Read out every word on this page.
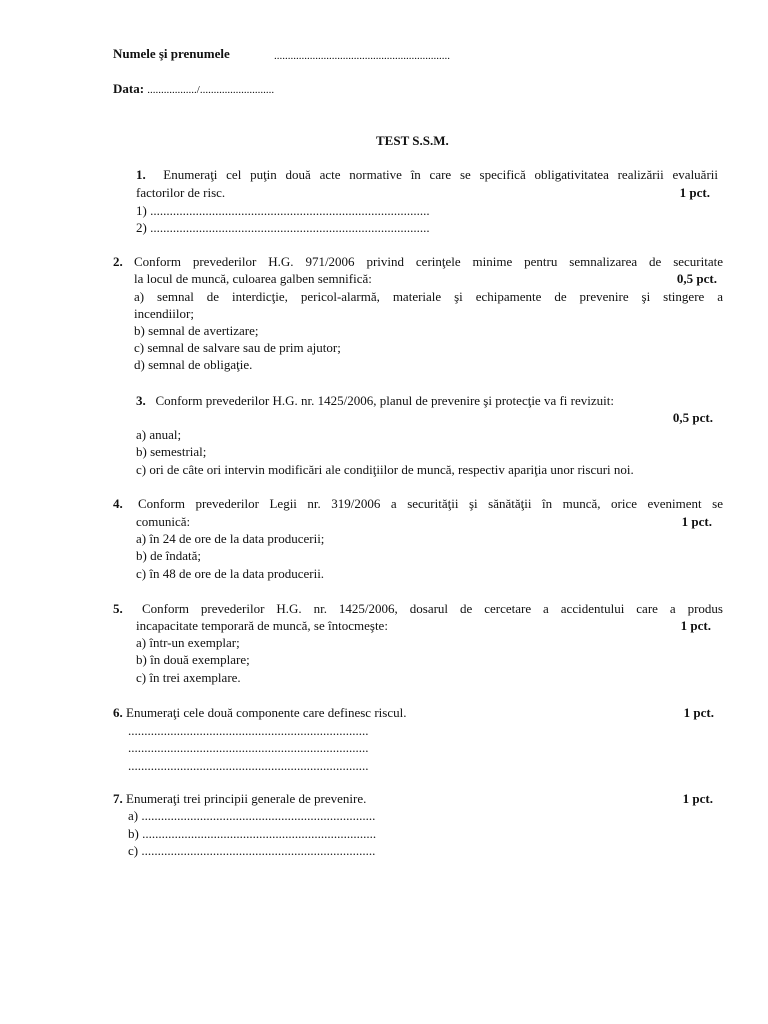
Numele şi prenumele	................................................................
Data: ................../...........................
TEST S.S.M.
1. Enumeraţi cel puţin două acte normative în care se specifică obligativitatea realizării evaluării
factorilor de risc.	1 pct.
1) ......................................................................................
2) ......................................................................................
2. Conform prevederilor H.G. 971/2006 privind cerinţele minime pentru semnalizarea de securitate
la locul de muncă, culoarea galben semnifică:	0,5 pct.
a) semnal de interdicţie, pericol-alarmă, materiale şi echipamente de prevenire şi stingere a
incendiilor;
b) semnal de avertizare;
c) semnal de salvare sau de prim ajutor;
d) semnal de obligaţie.
3. Conform prevederilor H.G. nr. 1425/2006, planul de prevenire şi protecţie va fi revizuit:
0,5 pct.
a) anual;
b) semestrial;
c) ori de câte ori intervin modificări ale condiţiilor de muncă, respectiv apariţia unor riscuri noi.
4. Conform prevederilor Legii nr. 319/2006 a securităţii şi sănătăţii în muncă, orice eveniment se
comunică:	1 pct.
a) în 24 de ore de la data producerii;
b) de îndată;
c) în 48 de ore de la data producerii.
5. Conform prevederilor H.G. nr. 1425/2006, dosarul de cercetare a accidentului care a produs
incapacitate temporară de muncă, se întocmeşte:	1 pct.
a) într-un exemplar;
b) în două exemplare;
c) în trei axemplare.
6. Enumeraţi cele două componente care definesc riscul.	1 pct.
..........................................................................
..........................................................................
..........................................................................
7. Enumeraţi trei principii generale de prevenire.	1 pct.
a) ........................................................................
b) ........................................................................
c) ........................................................................
